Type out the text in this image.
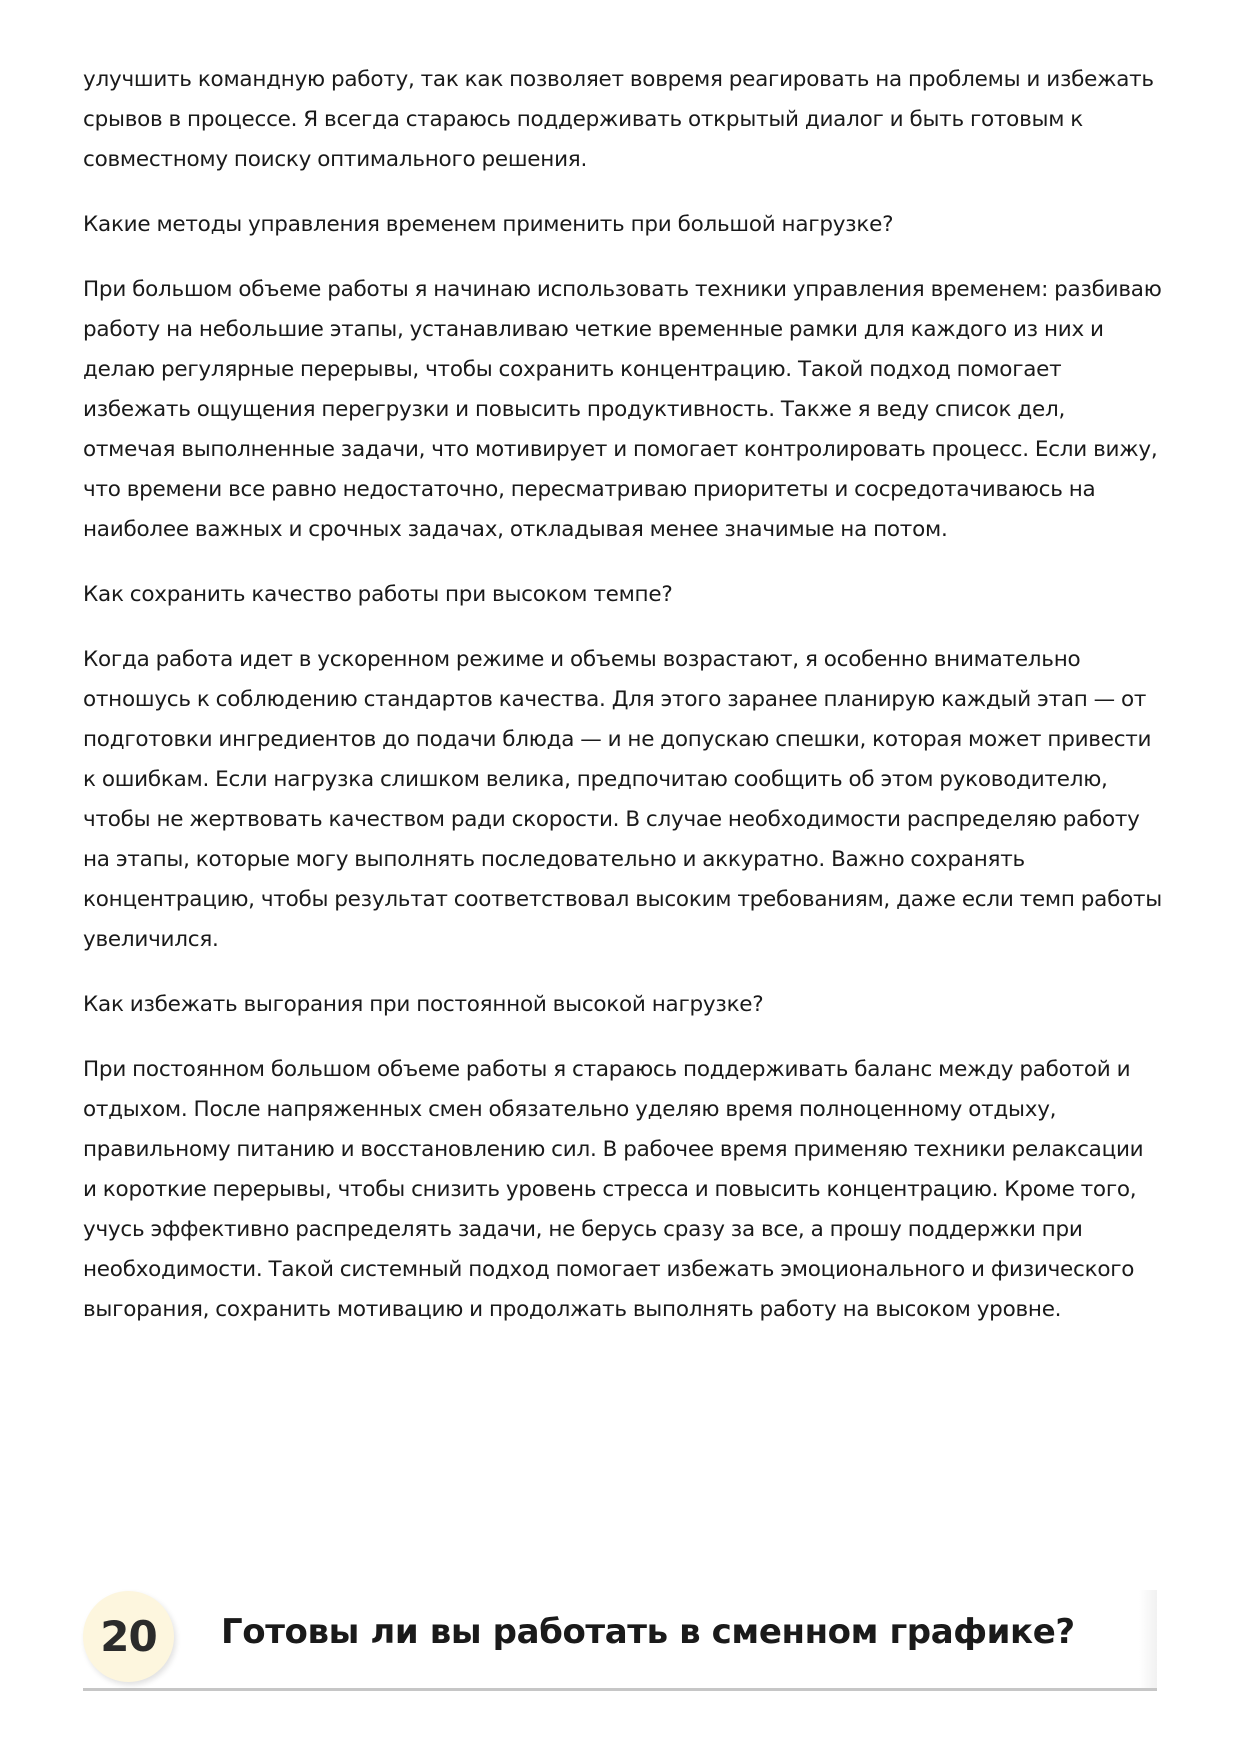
улучшить командную работу, так как позволяет вовремя реагировать на проблемы и избежать срывов в процессе. Я всегда стараюсь поддерживать открытый диалог и быть готовым к совместному поиску оптимального решения.

Какие методы управления временем применить при большой нагрузке?

При большом объеме работы я начинаю использовать техники управления временем: разбиваю работу на небольшие этапы, устанавливаю четкие временные рамки для каждого из них и делаю регулярные перерывы, чтобы сохранить концентрацию. Такой подход помогает избежать ощущения перегрузки и повысить продуктивность. Также я веду список дел, отмечая выполненные задачи, что мотивирует и помогает контролировать процесс. Если вижу, что времени все равно недостаточно, пересматриваю приоритеты и сосредотачиваюсь на наиболее важных и срочных задачах, откладывая менее значимые на потом.

Как сохранить качество работы при высоком темпе?

Когда работа идет в ускоренном режиме и объемы возрастают, я особенно внимательно отношусь к соблюдению стандартов качества. Для этого заранее планирую каждый этап — от подготовки ингредиентов до подачи блюда — и не допускаю спешки, которая может привести к ошибкам. Если нагрузка слишком велика, предпочитаю сообщить об этом руководителю, чтобы не жертвовать качеством ради скорости. В случае необходимости распределяю работу на этапы, которые могу выполнять последовательно и аккуратно. Важно сохранять концентрацию, чтобы результат соответствовал высоким требованиям, даже если темп работы увеличился.

Как избежать выгорания при постоянной высокой нагрузке?

При постоянном большом объеме работы я стараюсь поддерживать баланс между работой и отдыхом. После напряженных смен обязательно уделяю время полноценному отдыху, правильному питанию и восстановлению сил. В рабочее время применяю техники релаксации и короткие перерывы, чтобы снизить уровень стресса и повысить концентрацию. Кроме того, учусь эффективно распределять задачи, не берусь сразу за все, а прошу поддержки при необходимости. Такой системный подход помогает избежать эмоционального и физического выгорания, сохранить мотивацию и продолжать выполнять работу на высоком уровне.

20 Готовы ли вы работать в сменном графике?
